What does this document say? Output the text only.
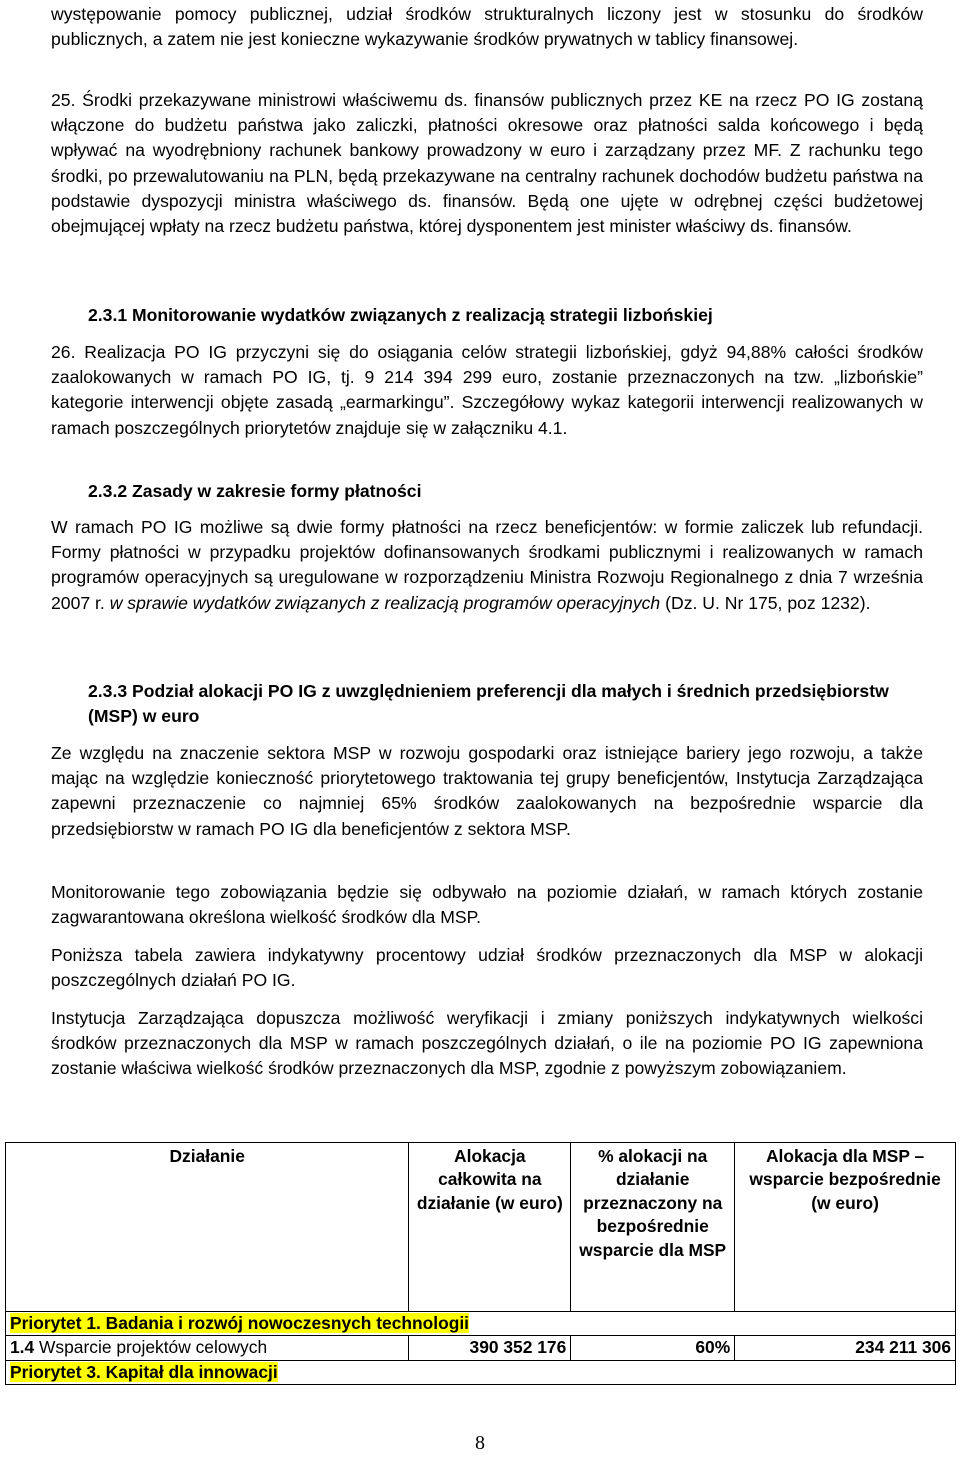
występowanie pomocy publicznej, udział środków strukturalnych liczony jest w stosunku do środków publicznych, a zatem nie jest konieczne wykazywanie środków prywatnych w tablicy finansowej.
25. Środki przekazywane ministrowi właściwemu ds. finansów publicznych przez KE na rzecz PO IG zostaną włączone do budżetu państwa jako zaliczki, płatności okresowe oraz płatności salda końcowego i będą wpływać na wyodrębniony rachunek bankowy prowadzony w euro i zarządzany przez MF. Z rachunku tego środki, po przewalutowaniu na PLN, będą przekazywane na centralny rachunek dochodów budżetu państwa na podstawie dyspozycji ministra właściwego ds. finansów. Będą one ujęte w odrębnej części budżetowej obejmującej wpłaty na rzecz budżetu państwa, której dysponentem jest minister właściwy ds. finansów.
2.3.1 Monitorowanie wydatków związanych z realizacją strategii lizbońskiej
26. Realizacja PO IG przyczyni się do osiągania celów strategii lizbońskiej, gdyż 94,88% całości środków zaalokowanych w ramach PO IG, tj. 9 214 394 299 euro, zostanie przeznaczonych na tzw. „lizbońskie” kategorie interwencji objęte zasadą „earmarkingu”. Szczegółowy wykaz kategorii interwencji realizowanych w ramach poszczególnych priorytetów znajduje się w załączniku 4.1.
2.3.2 Zasady w zakresie formy płatności
W ramach PO IG możliwe są dwie formy płatności na rzecz beneficjentów: w formie zaliczek lub refundacji. Formy płatności w przypadku projektów dofinansowanych środkami publicznymi i realizowanych w ramach programów operacyjnych są uregulowane w rozporządzeniu Ministra Rozwoju Regionalnego z dnia 7 września 2007 r. w sprawie wydatków związanych z realizacją programów operacyjnych (Dz. U. Nr 175, poz 1232).
2.3.3 Podział alokacji PO IG z uwzględnieniem preferencji dla małych i średnich przedsiębiorstw (MSP) w euro
Ze względu na znaczenie sektora MSP w rozwoju gospodarki oraz istniejące bariery jego rozwoju, a także mając na względzie konieczność priorytetowego traktowania tej grupy beneficjentów, Instytucja Zarządzająca zapewni przeznaczenie co najmniej 65% środków zaalokowanych na bezpośrednie wsparcie dla przedsiębiorstw w ramach PO IG dla beneficjentów z sektora MSP.
Monitorowanie tego zobowiązania będzie się odbywało na poziomie działań, w ramach których zostanie zagwarantowana określona wielkość środków dla MSP.
Poniższa tabela zawiera indykatywny procentowy udział środków przeznaczonych dla MSP w alokacji poszczególnych działań PO IG.
Instytucja Zarządzająca dopuszcza możliwość weryfikacji i zmiany poniższych indykatywnych wielkości środków przeznaczonych dla MSP w ramach poszczególnych działań, o ile na poziomie PO IG zapewniona zostanie właściwa wielkość środków przeznaczonych dla MSP, zgodnie z powyższym zobowiązaniem.
Działanie	Alokacja całkowita na działanie (w euro)	% alokacji na działanie przeznaczony na bezpośrednie wsparcie dla MSP	Alokacja dla MSP – wsparcie bezpośrednie (w euro)
Priorytet 1. Badania i rozwój nowoczesnych technologii			
1.4 Wsparcie projektów celowych	390 352 176	60%	234 211 306
Priorytet 3. Kapitał dla innowacji			
8
